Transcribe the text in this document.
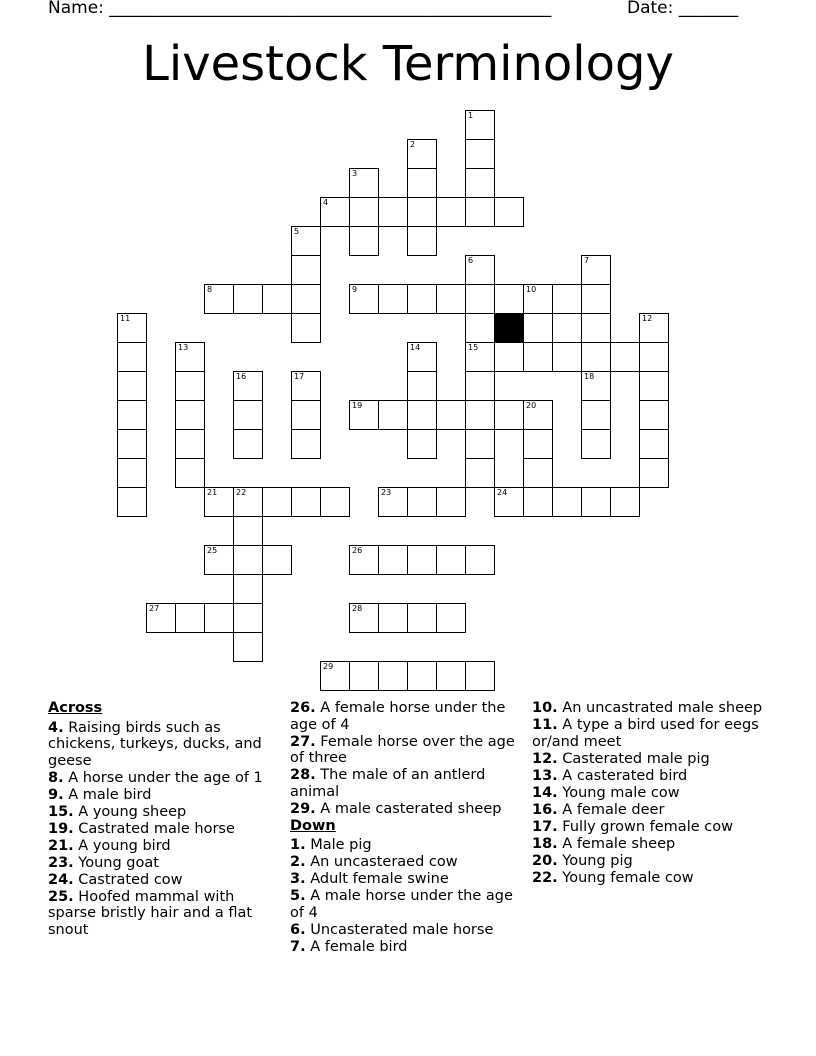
Name: ____________________________________________________	Date: _______
Livestock Terminology
4
8	9	10
15
19	20
21 22	23	24
25	26
27	28
29
1
2
3
5
6	7
18
11	12
13	14
16	17
Across
4. Raising birds such as chickens, turkeys, ducks, and geese
8. A horse under the age of 1
9. A male bird
15. A young sheep
19. Castrated male horse
21. A young bird
23. Young goat
24. Castrated cow
25. Hoofed mammal with sparse bristly hair and a flat snout
26. A female horse under the age of 4
27. Female horse over the age of three
28. The male of an antlerd animal
29. A male casterated sheep
Down
1. Male pig
2. An uncasteraed cow
3. Adult female swine
5. A male horse under the age of 4
6. Uncasterated male horse
7. A female bird
10. An uncastrated male sheep
11. A type a bird used for eegs or/and meet
12. Casterated male pig
13. A casterated bird
14. Young male cow
16. A female deer
17. Fully grown female cow
18. A female sheep
20. Young pig
22. Young female cow
